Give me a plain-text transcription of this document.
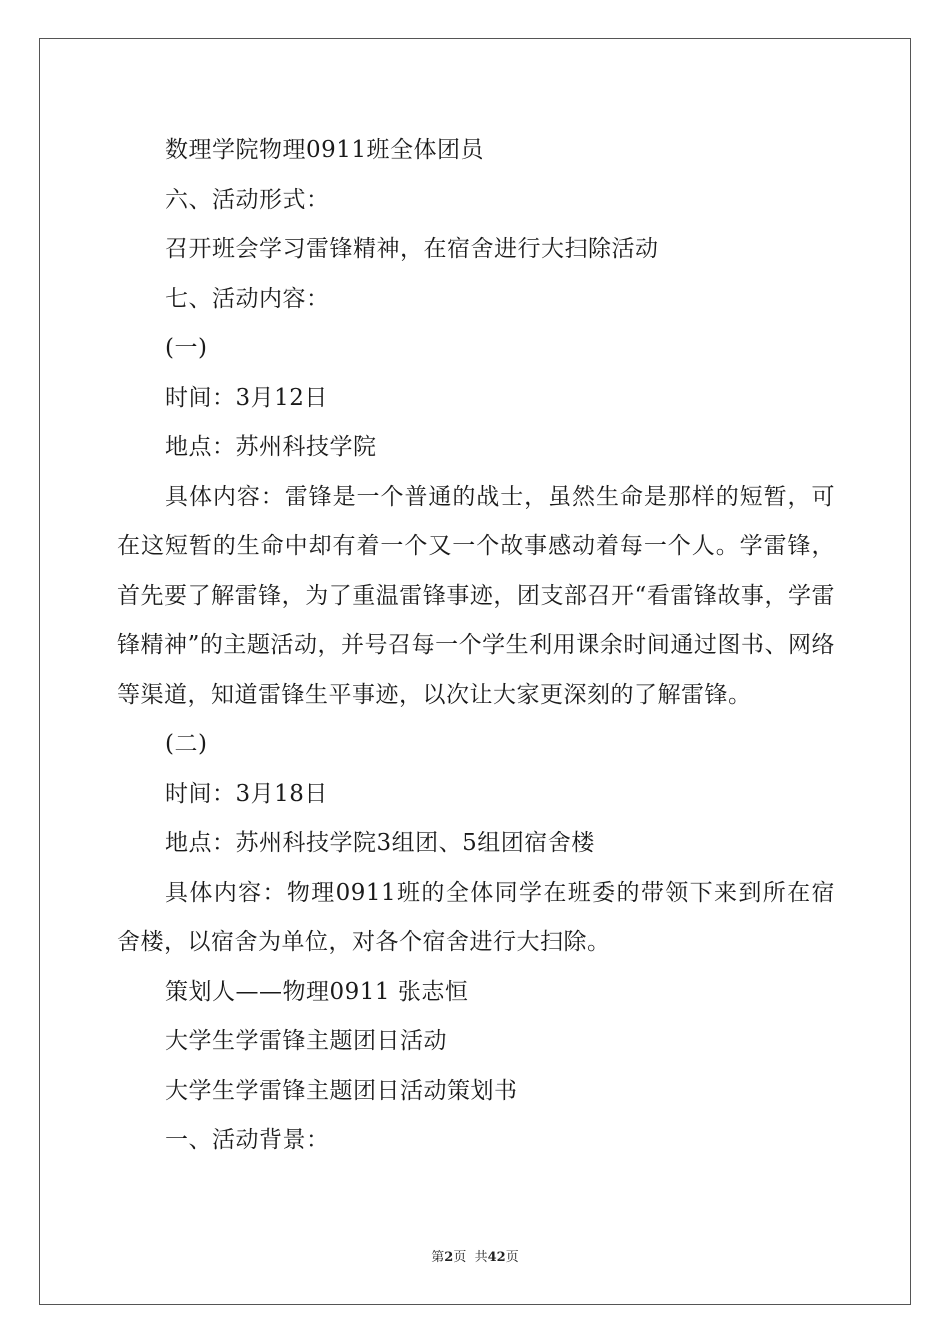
数理学院物理0911班全体团员
六、活动形式：
召开班会学习雷锋精神，在宿舍进行大扫除活动
七、活动内容：
(一)
时间：3月12日
地点：苏州科技学院
具体内容：雷锋是一个普通的战士，虽然生命是那样的短暂，可在这短暂的生命中却有着一个又一个故事感动着每一个人。学雷锋，首先要了解雷锋，为了重温雷锋事迹，团支部召开“看雷锋故事，学雷锋精神”的主题活动，并号召每一个学生利用课余时间通过图书、网络等渠道，知道雷锋生平事迹，以次让大家更深刻的了解雷锋。
(二)
时间：3月18日
地点：苏州科技学院3组团、5组团宿舍楼
具体内容：物理0911班的全体同学在班委的带领下来到所在宿舍楼，以宿舍为单位，对各个宿舍进行大扫除。
策划人——物理0911 张志恒
大学生学雷锋主题团日活动
大学生学雷锋主题团日活动策划书
一、活动背景：
第2页  共42页
